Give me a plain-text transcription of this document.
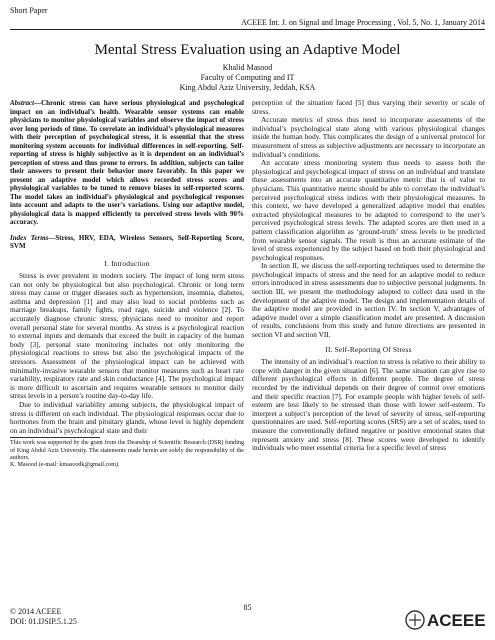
Short Paper
ACEEE Int. J. on Signal and Image Processing , Vol. 5, No. 1, January 2014
Mental Stress Evaluation using an Adaptive Model
Khalid Masood
Faculty of Computing and IT
King Abdul Aziz University, Jeddah, KSA
Abstract—Chronic stress can have serious physiological and psychological impact on an individual’s health. Wearable sensor systems can enable physicians to monitor physiological variables and observe the impact of stress over long periods of time. To correlate an individual’s physiological measures with their perception of psychological stress, it is essential that the stress monitoring system accounts for individual differences in self-reporting. Self-reporting of stress is highly subjective as it is dependent on an individual’s perception of stress and thus prone to errors. In addition, subjects can tailor their answers to present their behavior more favorably. In this paper we present an adaptive model which allows recorded stress scores and physiological variables to be tuned to remove biases in self-reported scores. The model takes an individual’s physiological and psychological responses into account and adapts to the user’s variations. Using our adaptive model, physiological data is mapped efficiently to perceived stress levels with 90% accuracy.
Index Terms—Stress, HRV, EDA, Wireless Sensors, Self-Reporting Score, SVM
I. Introduction

Stress is ever prevalent in modern society. The impact of long term stress can not only be physiological but also psychological. Chronic or long term stress may cause or trigger diseases such as hypertension, insomnia, diabetes, asthma and depression [1] and may also lead to social problems such as marriage breakups, family fights, road rage, suicide and violence [2]. To accurately diagnose chronic stress, physicians need to monitor and report overall personal state for several months. As stress is a psychological reaction to external inputs and demands that exceed the built in capacity of the human body [3], personal state monitoring includes not only monitoring the physiological reactions to stress but also the psychological impacts of the stressors. Assessment of the physiological impact can be achieved with minimally-invasive wearable sensors that monitor measures such as heart rate variability, respiratory rate and skin conductance [4]. The psychological impact is more difficult to ascertain and requires wearable sensors to monitor daily stress levels in a person’s routine day-to-day life.

Due to individual variability among subjects, the physiological impact of stress is different on each individual. The physiological responses occur due to hormones from the brain and pituitary glands, whose level is highly dependent on an individual’s psychological state and their

This work was supported by the grant from the Deanship of Scientific Research (DSR) funding of King Abdul Aziz University. The statements made herein are solely the responsibility of the authors.
K. Masood (e-mail: kmasoodk@gmail.com).

perception of the situation faced [5] thus varying their severity or scale of stress.

Accurate metrics of stress thus need to incorporate assessments of the individual’s psychological state along with various physiological changes inside the human body. This complicates the design of a universal protocol for measurement of stress as subjective adjustments are necessary to incorporate an individual’s conditions.

An accurate stress monitoring system thus needs to assess both the physiological and psychological impact of stress on an individual and translate these assessments into an accurate quantitative metric that is of value to physicians. This quantitative metric should be able to correlate the individual’s perceived psychological stress indices with their physiological measures. In this context, we have developed a generalized adaptive model that enables extracted physiological measures to be adapted to correspond to the user’s perceived psychological stress levels. The adapted scores are then used in a pattern classification algorithm as ‘ground-truth’ stress levels to be predicted from wearable sensor signals. The result is thus an accurate estimate of the level of stress experienced by the subject based on both their physiological and psychological responses.

In section II, we discuss the self-reporting techniques used to determine the psychological impacts of stress and the need for an adaptive model to reduce errors introduced in stress assessments due to subjective personal judgments. In section III, we present the methodology adopted to collect data used in the development of the adaptive model. The design and implementation details of the adaptive model are provided in section IV. In section V, advantages of adaptive model over a simple classification model are presented. A discussion of results, conclusions from this study and future directions are presented in section VI and section VII.

II. Self-Reporting Of Stress

The intensity of an individual’s reaction to stress is relative to their ability to cope with danger in the given situation [6]. The same situation can give rise to different psychological effects in different people. The degree of stress recorded by the individual depends on their degree of control over emotions and their specific reaction [7]. For example people with higher levels of self-esteem are less likely to be stressed than those with lower self-esteem. To interpret a subject’s perception of the level of severity of stress, self-reporting questionnaires are used. Self-reporting scores (SRS) are a set of scales, used to measure the conventionally defined negative or positive emotional states that represent anxiety and stress [8]. These scores were developed to identify individuals who meet essential criteria for a specific level of stress

85
© 2014 ACEEE
DOI: 01.IJSIP.5.1.25	ACEEE
